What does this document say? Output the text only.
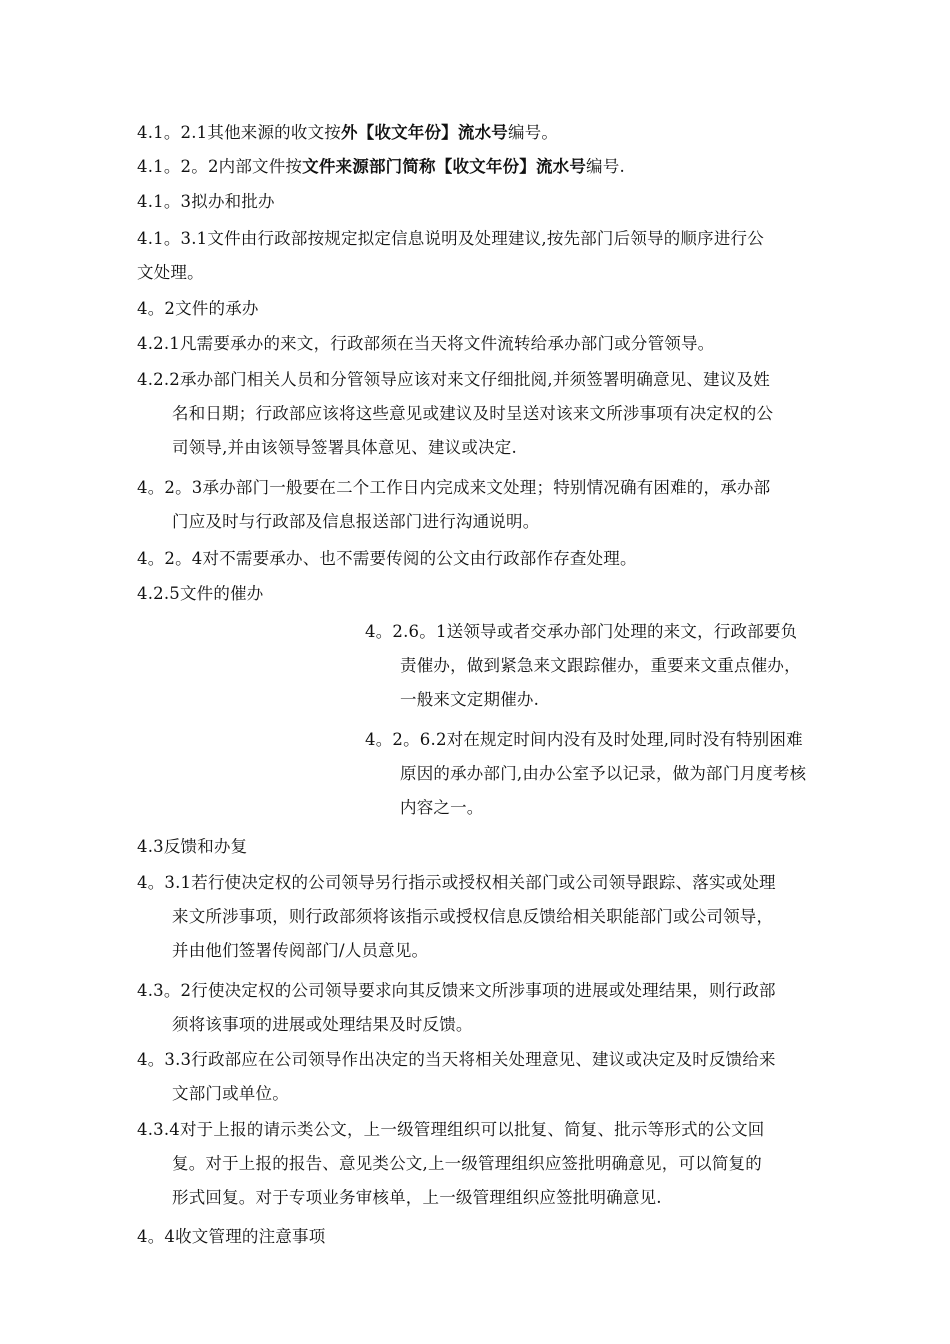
4.1。2.1其他来源的收文按外【收文年份】流水号编号。

4.1。2。2内部文件按文件来源部门简称【收文年份】流水号编号.

4.1。3拟办和批办

4.1。3.1文件由行政部按规定拟定信息说明及处理建议,按先部门后领导的顺序进行公
文处理。

4。2文件的承办

4.2.1凡需要承办的来文，行政部须在当天将文件流转给承办部门或分管领导。

4.2.2承办部门相关人员和分管领导应该对来文仔细批阅,并须签署明确意见、建议及姓
名和日期；行政部应该将这些意见或建议及时呈送对该来文所涉事项有决定权的公
司领导,并由该领导签署具体意见、建议或决定.

4。2。3承办部门一般要在二个工作日内完成来文处理；特别情况确有困难的，承办部
门应及时与行政部及信息报送部门进行沟通说明。

4。2。4对不需要承办、也不需要传阅的公文由行政部作存查处理。

4.2.5文件的催办

4。2.6。1送领导或者交承办部门处理的来文，行政部要负
责催办，做到紧急来文跟踪催办，重要来文重点催办，
一般来文定期催办.

4。2。6.2对在规定时间内没有及时处理,同时没有特别困难
原因的承办部门,由办公室予以记录，做为部门月度考核
内容之一。

4.3反馈和办复

4。3.1若行使决定权的公司领导另行指示或授权相关部门或公司领导跟踪、落实或处理
来文所涉事项，则行政部须将该指示或授权信息反馈给相关职能部门或公司领导，
并由他们签署传阅部门/人员意见。

4.3。2行使决定权的公司领导要求向其反馈来文所涉事项的进展或处理结果，则行政部
须将该事项的进展或处理结果及时反馈。

4。3.3行政部应在公司领导作出决定的当天将相关处理意见、建议或决定及时反馈给来
文部门或单位。

4.3.4对于上报的请示类公文，上一级管理组织可以批复、简复、批示等形式的公文回
复。对于上报的报告、意见类公文,上一级管理组织应签批明确意见，可以简复的
形式回复。对于专项业务审核单，上一级管理组织应签批明确意见.

4。4收文管理的注意事项
